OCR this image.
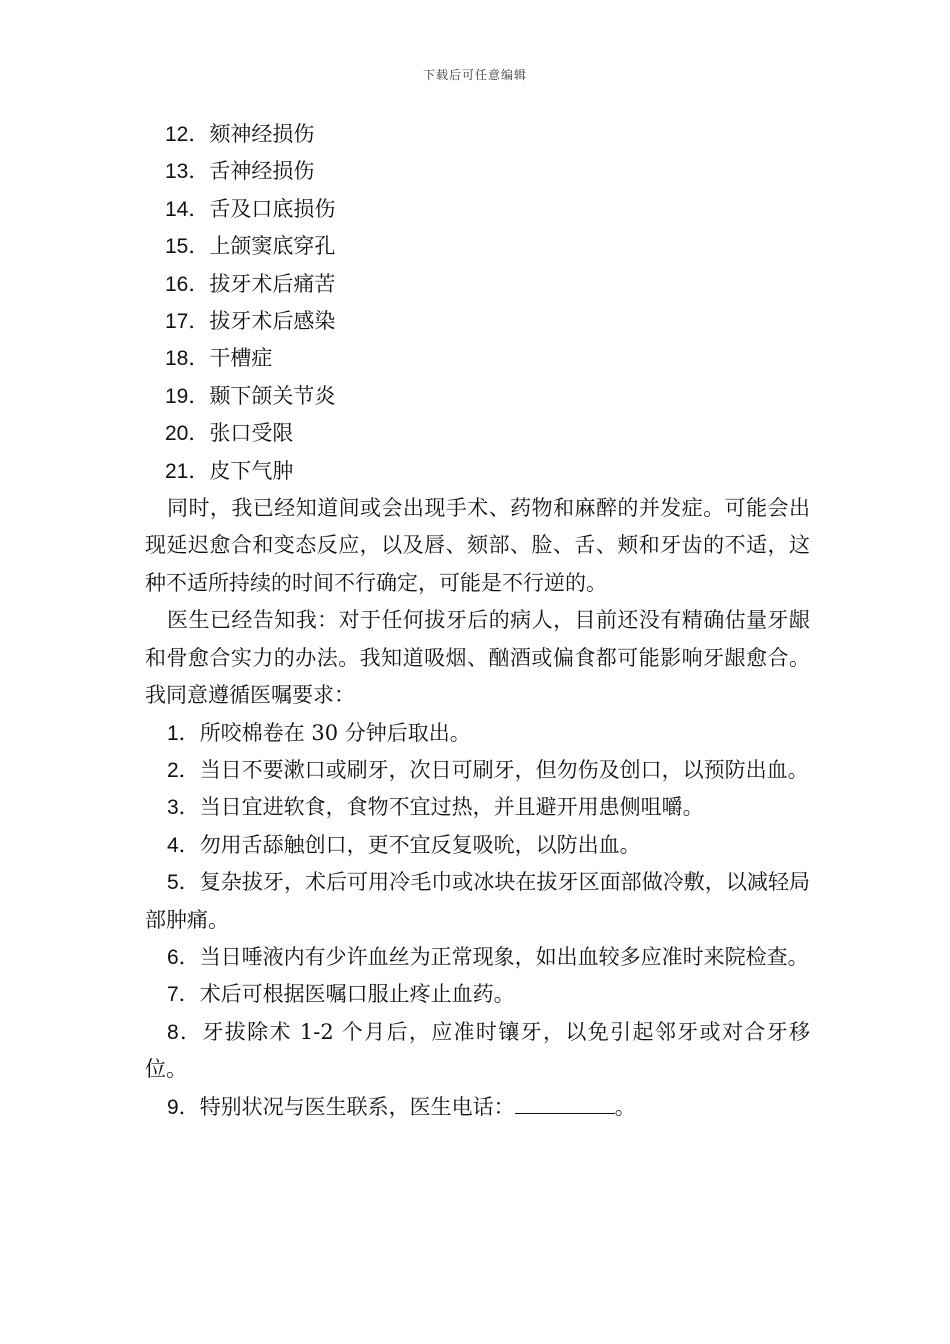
下载后可任意编辑
12．颏神经损伤
13．舌神经损伤
14．舌及口底损伤
15．上颌窦底穿孔
16．拔牙术后痛苦
17．拔牙术后感染
18．干槽症
19．颞下颌关节炎
20．张口受限
21．皮下气肿
同时，我已经知道间或会出现手术、药物和麻醉的并发症。可能会出现延迟愈合和变态反应，以及唇、颏部、脸、舌、颊和牙齿的不适，这种不适所持续的时间不行确定，可能是不行逆的。
医生已经告知我：对于任何拔牙后的病人，目前还没有精确估量牙龈和骨愈合实力的办法。我知道吸烟、酗酒或偏食都可能影响牙龈愈合。我同意遵循医嘱要求：
1．所咬棉卷在 30 分钟后取出。
2．当日不要漱口或刷牙，次日可刷牙，但勿伤及创口，以预防出血。
3．当日宜进软食，食物不宜过热，并且避开用患侧咀嚼。
4．勿用舌舔触创口，更不宜反复吸吮，以防出血。
5．复杂拔牙，术后可用冷毛巾或冰块在拔牙区面部做冷敷，以减轻局部肿痛。
6．当日唾液内有少许血丝为正常现象，如出血较多应准时来院检查。
7．术后可根据医嘱口服止疼止血药。
8．牙拔除术 1-2 个月后，应准时镶牙，以免引起邻牙或对合牙移位。
9．特别状况与医生联系，医生电话：	。
